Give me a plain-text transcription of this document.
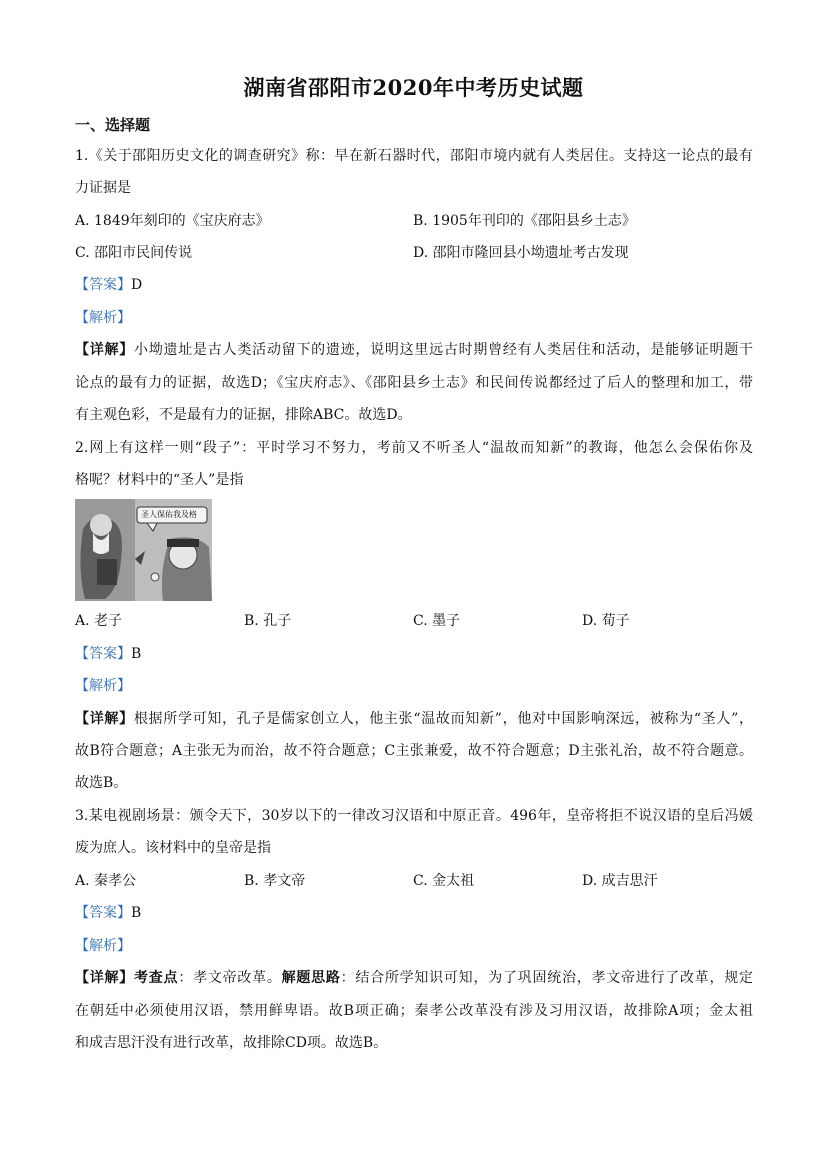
湖南省邵阳市2020年中考历史试题
一、选择题
1.《关于邵阳历史文化的调查研究》称：早在新石器时代，邵阳市境内就有人类居住。支持这一论点的最有
力证据是
A. 1849年刻印的《宝庆府志》	B. 1905年刊印的《邵阳县乡土志》
C. 邵阳市民间传说	D. 邵阳市隆回县小坳遗址考古发现
【答案】D
【解析】
【详解】小坳遗址是古人类活动留下的遗迹，说明这里远古时期曾经有人类居住和活动，是能够证明题干
论点的最有力的证据，故选D；《宝庆府志》、《邵阳县乡土志》和民间传说都经过了后人的整理和加工，带
有主观色彩，不是最有力的证据，排除ABC。故选D。
2.网上有这样一则“段子”：平时学习不努力，考前又不听圣人“温故而知新”的教诲，他怎么会保佑你及
格呢？材料中的“圣人”是指
圣人保佑我及格
A. 老子	B. 孔子	C. 墨子	D. 荀子
【答案】B
【解析】
【详解】根据所学可知，孔子是儒家创立人，他主张“温故而知新”，他对中国影响深远，被称为“圣人”，
故B符合题意；A主张无为而治，故不符合题意；C主张兼爱，故不符合题意；D主张礼治，故不符合题意。
故选B。
3.某电视剧场景：颁令天下，30岁以下的一律改习汉语和中原正音。496年，皇帝将拒不说汉语的皇后冯媛
废为庶人。该材料中的皇帝是指
A. 秦孝公	B. 孝文帝	C. 金太祖	D. 成吉思汗
【答案】B
【解析】
【详解】考查点：孝文帝改革。解题思路：结合所学知识可知，为了巩固统治，孝文帝进行了改革，规定
在朝廷中必须使用汉语，禁用鲜卑语。故B项正确；秦孝公改革没有涉及习用汉语，故排除A项；金太祖
和成吉思汗没有进行改革，故排除CD项。故选B。
